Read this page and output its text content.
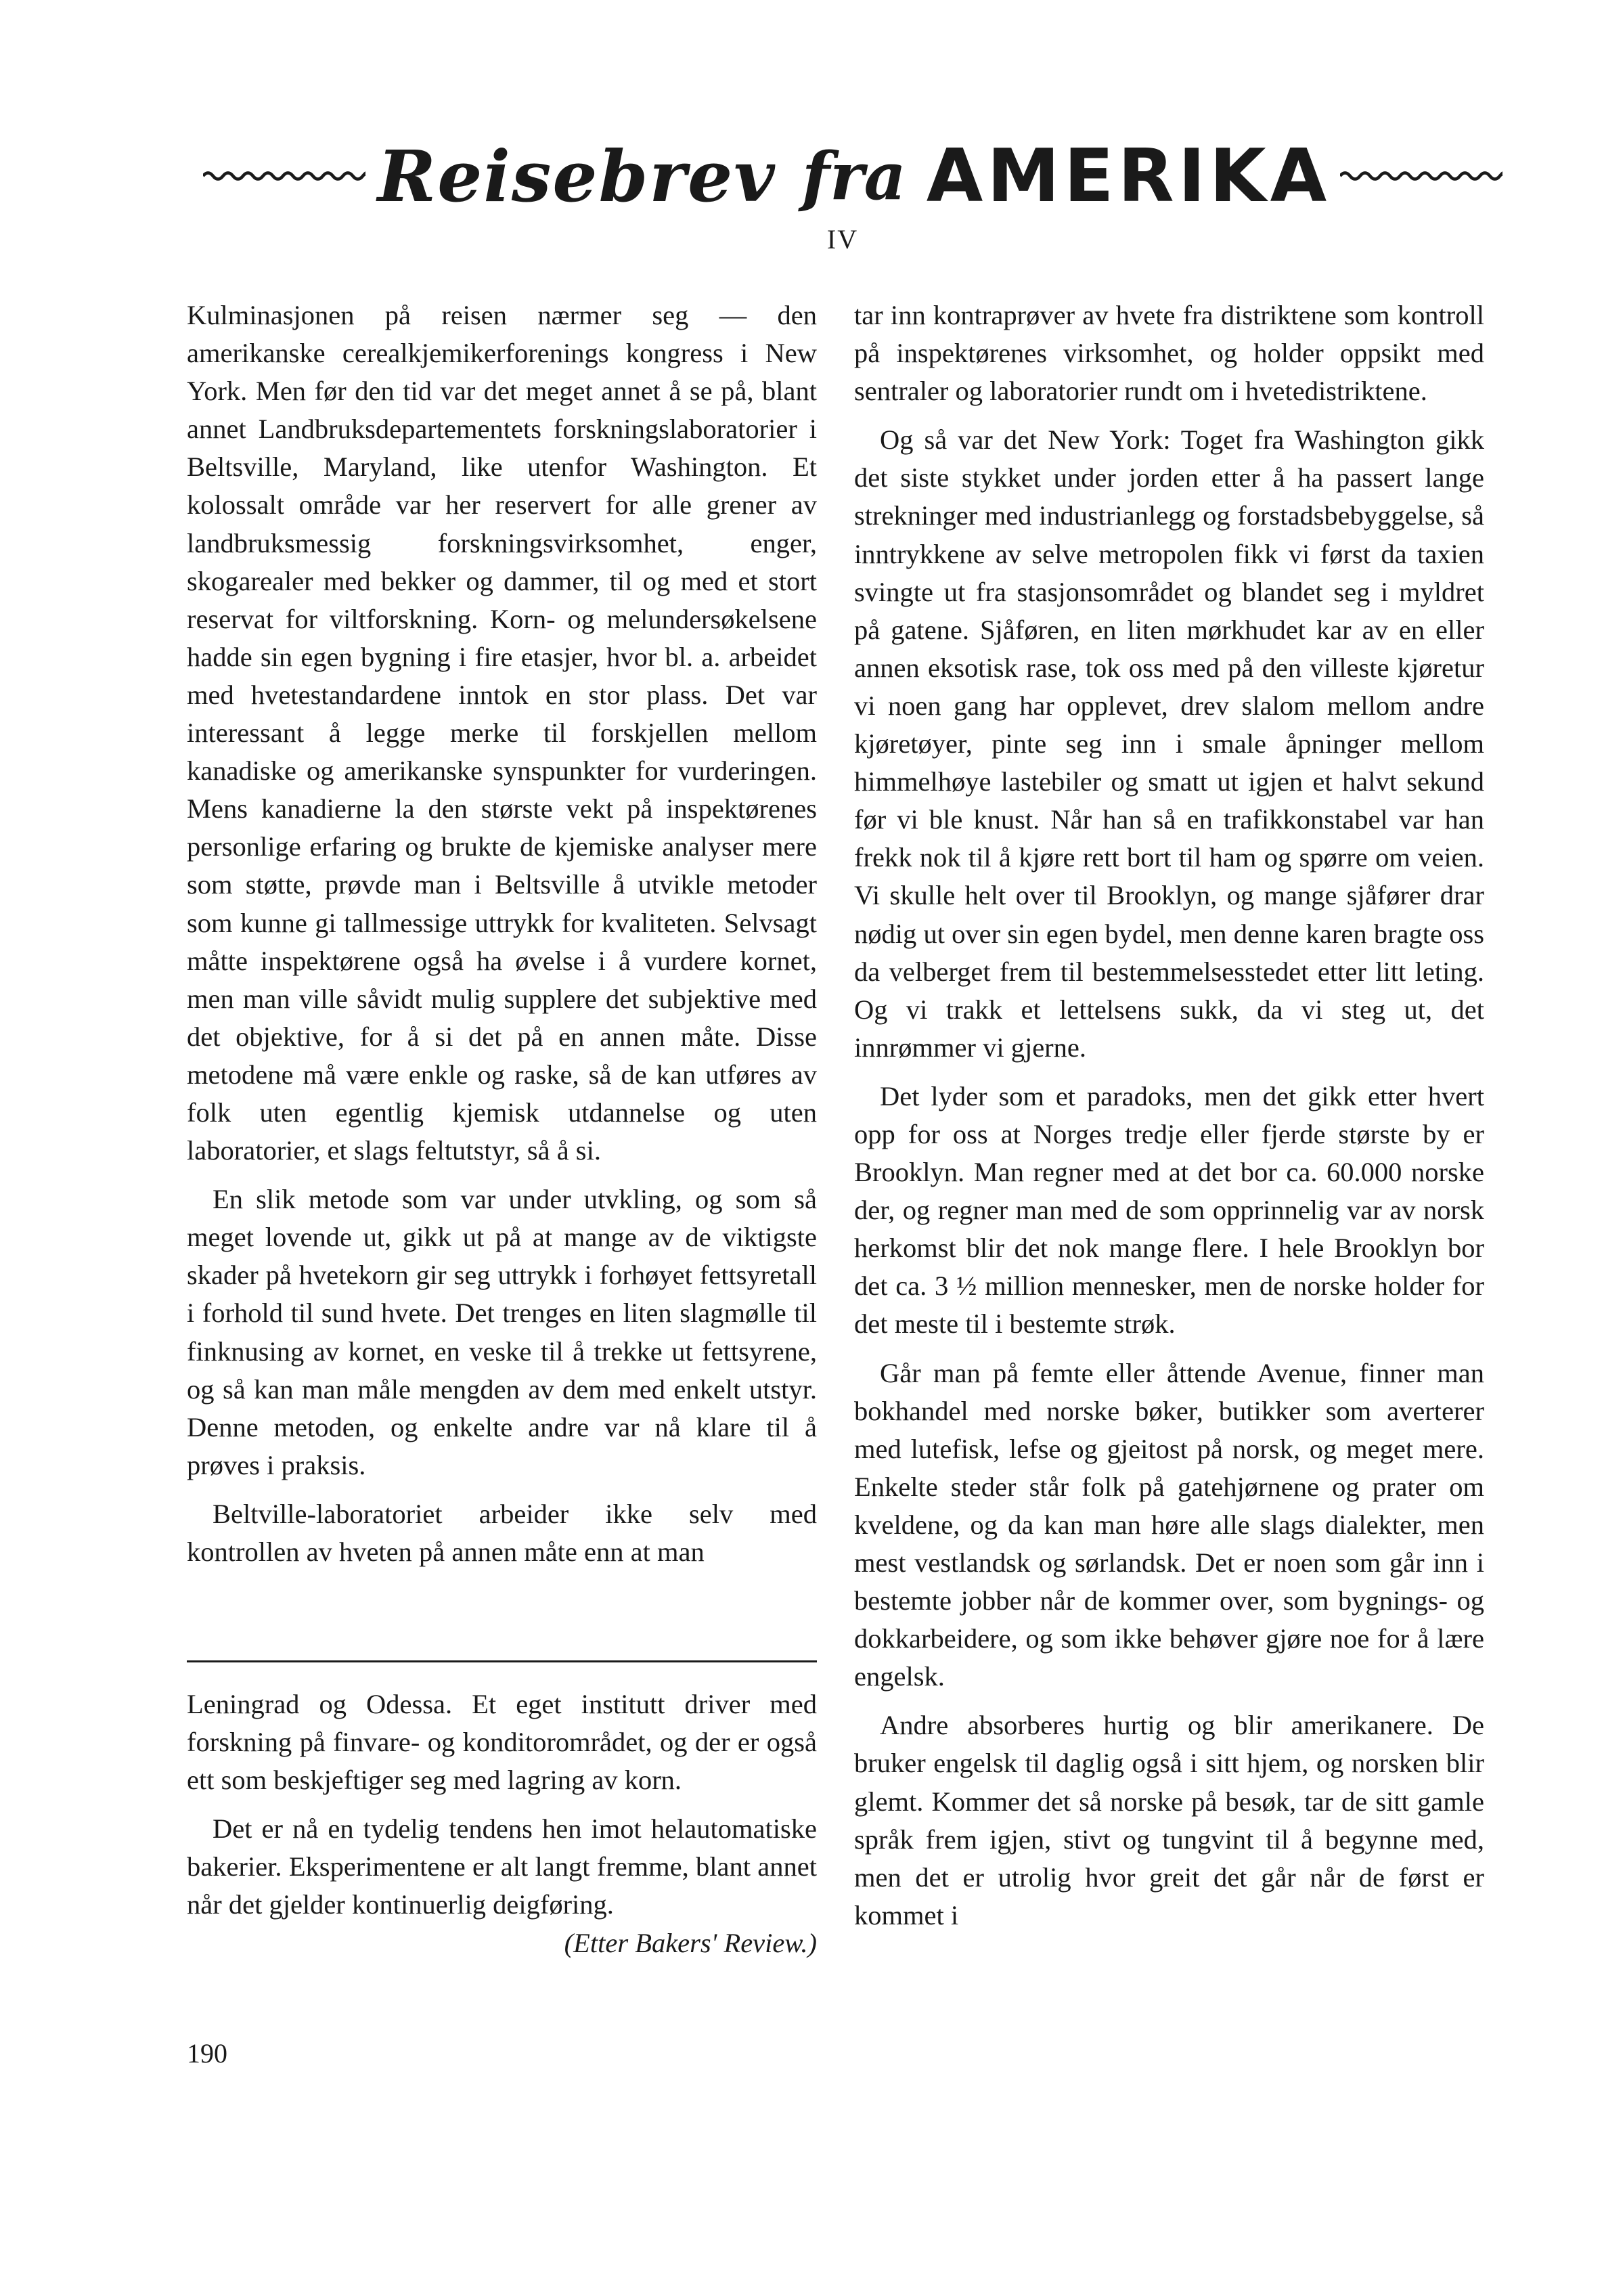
Reisebrev fra AMERIKA
IV

Kulminasjonen på reisen nærmer seg — den amerikanske cerealkjemikerforenings kongress i New York. Men før den tid var det meget annet å se på, blant annet Landbruksdepartementets forskningslaboratorier i Beltsville, Maryland, like utenfor Washington. Et kolossalt område var her reservert for alle grener av landbruksmessig forskningsvirksomhet, enger, skogarealer med bekker og dammer, til og med et stort reservat for viltforskning. Korn- og melundersøkelsene hadde sin egen bygning i fire etasjer, hvor bl. a. arbeidet med hvetestandardene inntok en stor plass. Det var interessant å legge merke til forskjellen mellom kanadiske og amerikanske synspunkter for vurderingen. Mens kanadierne la den største vekt på inspektørenes personlige erfaring og brukte de kjemiske analyser mere som støtte, prøvde man i Beltsville å utvikle metoder som kunne gi tallmessige uttrykk for kvaliteten. Selvsagt måtte inspektørene også ha øvelse i å vurdere kornet, men man ville såvidt mulig supplere det subjektive med det objektive, for å si det på en annen måte. Disse metodene må være enkle og raske, så de kan utføres av folk uten egentlig kjemisk utdannelse og uten laboratorier, et slags feltutstyr, så å si.

En slik metode som var under utvkling, og som så meget lovende ut, gikk ut på at mange av de viktigste skader på hvetekorn gir seg uttrykk i forhøyet fettsyretall i forhold til sund hvete. Det trenges en liten slagmølle til finknusing av kornet, en veske til å trekke ut fettsyrene, og så kan man måle mengden av dem med enkelt utstyr. Denne metoden, og enkelte andre var nå klare til å prøves i praksis.

Beltville-laboratoriet arbeider ikke selv med kontrollen av hveten på annen måte enn at man

Leningrad og Odessa. Et eget institutt driver med forskning på finvare- og konditorområdet, og der er også ett som beskjeftiger seg med lagring av korn.

Det er nå en tydelig tendens hen imot helautomatiske bakerier. Eksperimentene er alt langt fremme, blant annet når det gjelder kontinuerlig deigføring.

(Etter Bakers' Review.)

tar inn kontraprøver av hvete fra distriktene som kontroll på inspektørenes virksomhet, og holder oppsikt med sentraler og laboratorier rundt om i hvetedistriktene.

Og så var det New York: Toget fra Washington gikk det siste stykket under jorden etter å ha passert lange strekninger med industrianlegg og forstadsbebyggelse, så inntrykkene av selve metropolen fikk vi først da taxien svingte ut fra stasjonsområdet og blandet seg i myldret på gatene. Sjåføren, en liten mørkhudet kar av en eller annen eksotisk rase, tok oss med på den villeste kjøretur vi noen gang har opplevet, drev slalom mellom andre kjøretøyer, pinte seg inn i smale åpninger mellom himmelhøye lastebiler og smatt ut igjen et halvt sekund før vi ble knust. Når han så en trafikkonstabel var han frekk nok til å kjøre rett bort til ham og spørre om veien. Vi skulle helt over til Brooklyn, og mange sjåfører drar nødig ut over sin egen bydel, men denne karen bragte oss da velberget frem til bestemmelsesstedet etter litt leting. Og vi trakk et lettelsens sukk, da vi steg ut, det innrømmer vi gjerne.

Det lyder som et paradoks, men det gikk etter hvert opp for oss at Norges tredje eller fjerde største by er Brooklyn. Man regner med at det bor ca. 60.000 norske der, og regner man med de som opprinnelig var av norsk herkomst blir det nok mange flere. I hele Brooklyn bor det ca. 3 ½ million mennesker, men de norske holder for det meste til i bestemte strøk.

Går man på femte eller åttende Avenue, finner man bokhandel med norske bøker, butikker som averterer med lutefisk, lefse og gjeitost på norsk, og meget mere. Enkelte steder står folk på gatehjørnene og prater om kveldene, og da kan man høre alle slags dialekter, men mest vestlandsk og sørlandsk. Det er noen som går inn i bestemte jobber når de kommer over, som bygnings- og dokkarbeidere, og som ikke behøver gjøre noe for å lære engelsk.

Andre absorberes hurtig og blir amerikanere. De bruker engelsk til daglig også i sitt hjem, og norsken blir glemt. Kommer det så norske på besøk, tar de sitt gamle språk frem igjen, stivt og tungvint til å begynne med, men det er utrolig hvor greit det går når de først er kommet i

190
